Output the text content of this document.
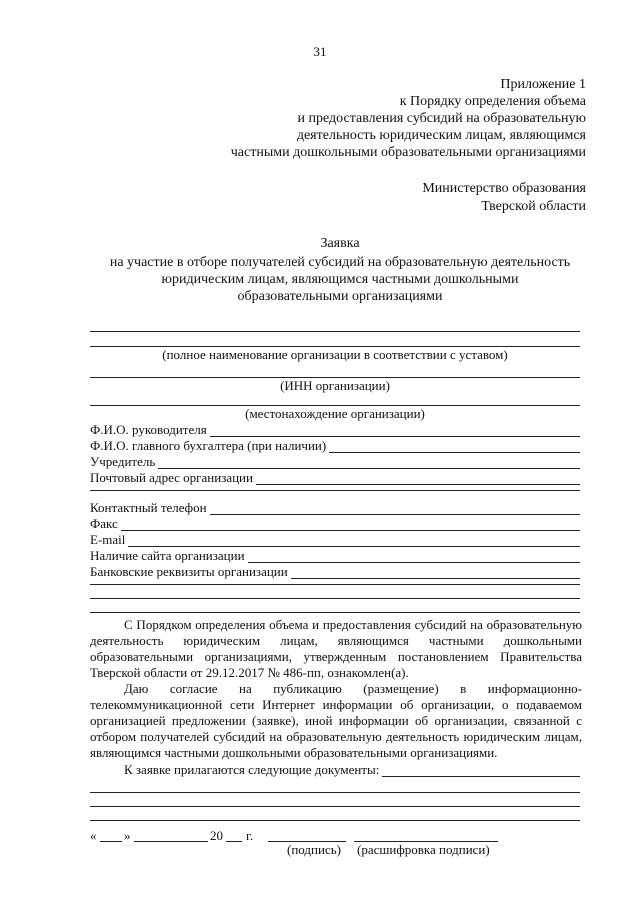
31
Приложение 1
к Порядку определения объема
и предоставления субсидий на образовательную
деятельность юридическим лицам, являющимся
частными дошкольными образовательными организациями
Министерство образования
Тверской области
Заявка
на участие в отборе получателей субсидий на образовательную деятельность
юридическим лицам, являющимся частными дошкольными
образовательными организациями
(полное наименование организации в соответствии с уставом)
(ИНН организации)
(местонахождение организации)
Ф.И.О. руководителя
Ф.И.О. главного бухгалтера (при наличии)
Учредитель
Почтовый адрес организации
Контактный телефон
Факс
E-mail
Наличие сайта организации
Банковские реквизиты организации
С Порядком определения объема и предоставления субсидий на образовательную деятельность юридическим лицам, являющимся частными дошкольными образовательными организациями, утвержденным постановлением Правительства Тверской области от 29.12.2017 № 486-пп, ознакомлен(а).
Даю согласие на публикацию (размещение) в информационно-телекоммуникационной сети Интернет информации об организации, о подаваемом организацией предложении (заявке), иной информации об организации, связанной с отбором получателей субсидий на образовательную деятельность юридическим лицам, являющимся частными дошкольными образовательными организациями.
К заявке прилагаются следующие документы:
« »	20 г.
(подпись) (расшифровка подписи)
